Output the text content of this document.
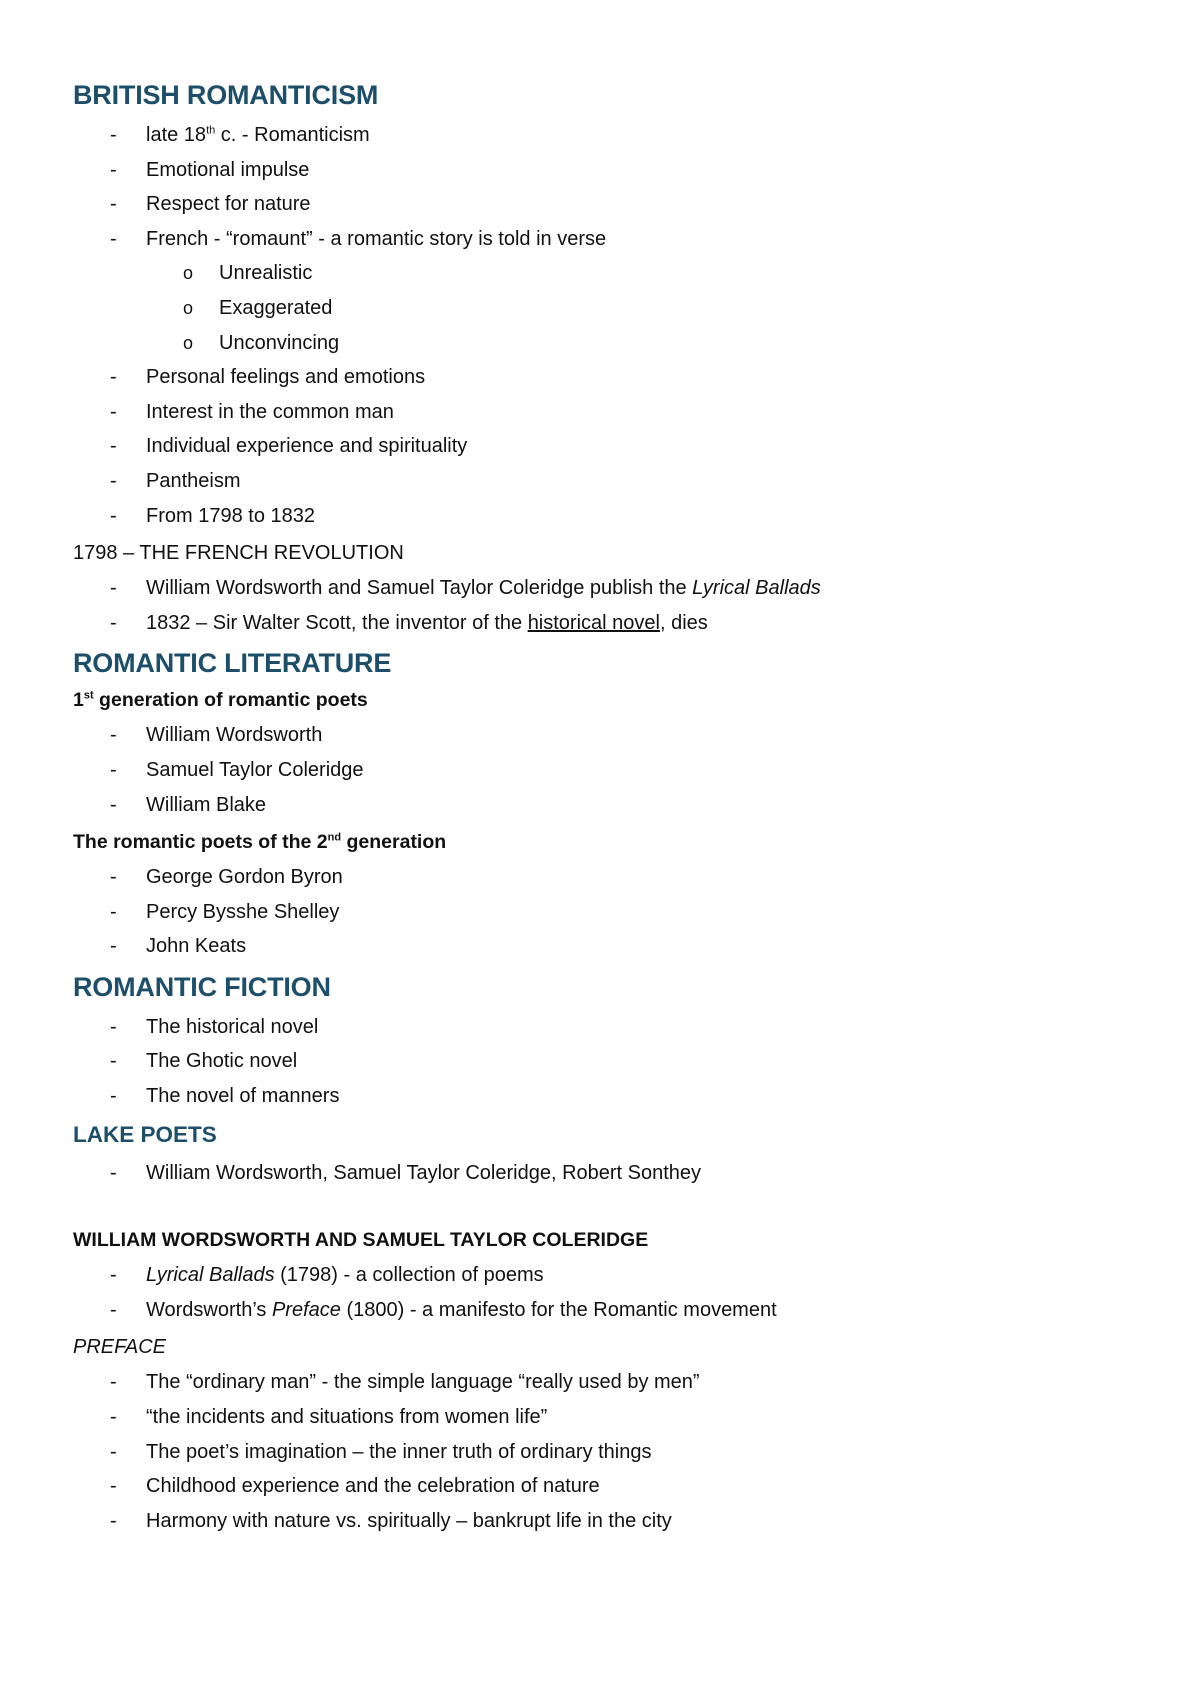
BRITISH ROMANTICISM
- late 18th c. - Romanticism
- Emotional impulse
- Respect for nature
- French - “romaunt” - a romantic story is told in verse
o Unrealistic
o Exaggerated
o Unconvincing
- Personal feelings and emotions
- Interest in the common man
- Individual experience and spirituality
- Pantheism
- From 1798 to 1832

1798 – THE FRENCH REVOLUTION

- William Wordsworth and Samuel Taylor Coleridge publish the Lyrical Ballads
- 1832 – Sir Walter Scott, the inventor of the historical novel, dies
ROMANTIC LITERATURE

1st generation of romantic poets

- William Wordsworth
- Samuel Taylor Coleridge
- William Blake

The romantic poets of the 2nd generation

- George Gordon Byron
- Percy Bysshe Shelley
- John Keats
ROMANTIC FICTION
- The historical novel
- The Ghotic novel
- The novel of manners
LAKE POETS
- William Wordsworth, Samuel Taylor Coleridge, Robert Sonthey

WILLIAM WORDSWORTH AND SAMUEL TAYLOR COLERIDGE

- Lyrical Ballads (1798) - a collection of poems
- Wordsworth’s Preface (1800) - a manifesto for the Romantic movement

PREFACE

- The “ordinary man” - the simple language “really used by men”
- “the incidents and situations from women life”
- The poet’s imagination – the inner truth of ordinary things
- Childhood experience and the celebration of nature
- Harmony with nature vs. spiritually – bankrupt life in the city
